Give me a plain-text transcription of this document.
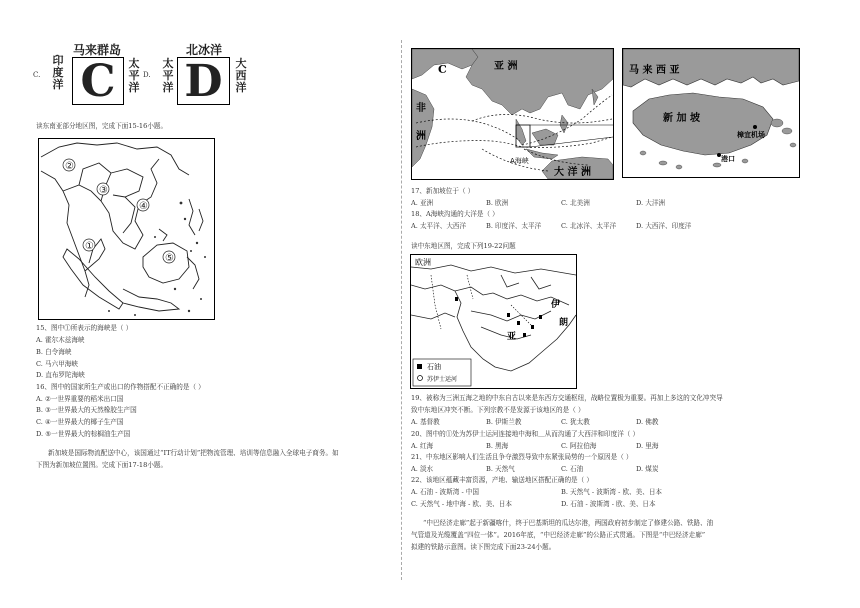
C.
马来群岛
印
度
洋 C	太
平
洋
D.
北冰洋
太
平
洋 D	大
西
洋
读东南亚部分地区图，完成下面15-16小题。
②
③
④
①
⑤
15、图中①所表示的海峡是（ ）
A. 霍尔木兹海峡
B. 白令海峡
C. 马六甲海峡
D. 直布罗陀海峡
16、图中的国家所生产或出口的作物搭配不正确的是（ ）
A. ②一世界重要的稻米出口国
B. ③一世界最大的天然橡胶生产国
C. ④一世界最大的椰子生产国
D. ⑤一世界最大的棕榈油生产国
新加坡是国际物流配送中心，该国通过“IT行动计划”把物流管理、培训等信息融入全球电子商务。如
下图为新加坡位置图。完成下面17-18小题。
C	亚 洲
非
洲
大 洋 洲
A海峡
马 来 西 亚
新 加 坡
樟宜机场
港口
17、新加坡位于（ ）
A. 亚洲	B. 欧洲	C. 北美洲	D. 大洋洲
18、A海峡沟通的大洋是（ ）
A. 太平洋、大西洋	B. 印度洋、太平洋	C. 北冰洋、太平洋	D. 大西洋、印度洋
读中东地区图，完成下列19-22问题
欧洲
亚
伊
朗
石油
苏伊士运河
19、被称为三洲五海之地的中东自古以来是东西方交通枢纽，战略位置极为重要。再加上多这的文化冲突导
致中东地区冲突不断。下列宗教不是发源于该地区的是（ ）
A. 基督教	B. 伊斯兰教	C. 犹太教	D. 佛教
20、图中的①处为苏伊士运河连接地中海和＿从而沟通了大西洋和印度洋（ ）
A. 红海	B. 黑海	C. 阿拉伯海	D. 里海
21、中东地区影响人们生活且争夺激烈导致中东紧张局势的一个原因是（ ）
A. 淡水	B. 天然气	C. 石油	D. 煤炭
22、该地区蕴藏丰富资源，产地、输送地区搭配正确的是（ ）
A. 石油 - 波斯湾 - 中国	B. 天然气 - 波斯湾 - 欧、美、日本
C. 天然气 - 地中海 - 欧、美、日本	D. 石油 - 波斯湾 - 欧、美、日本
“中巴经济走廊”起于新疆喀什，终于巴基斯坦的瓜达尔港，两国政府初步制定了修建公路、铁路、油
气管道及光缆覆盖“四位一体”。2016年底，“中巴经济走廊”的公路正式贯通。下图是“中巴经济走廊”
拟建的铁路示意图。读下图完成下面23-24小题。
